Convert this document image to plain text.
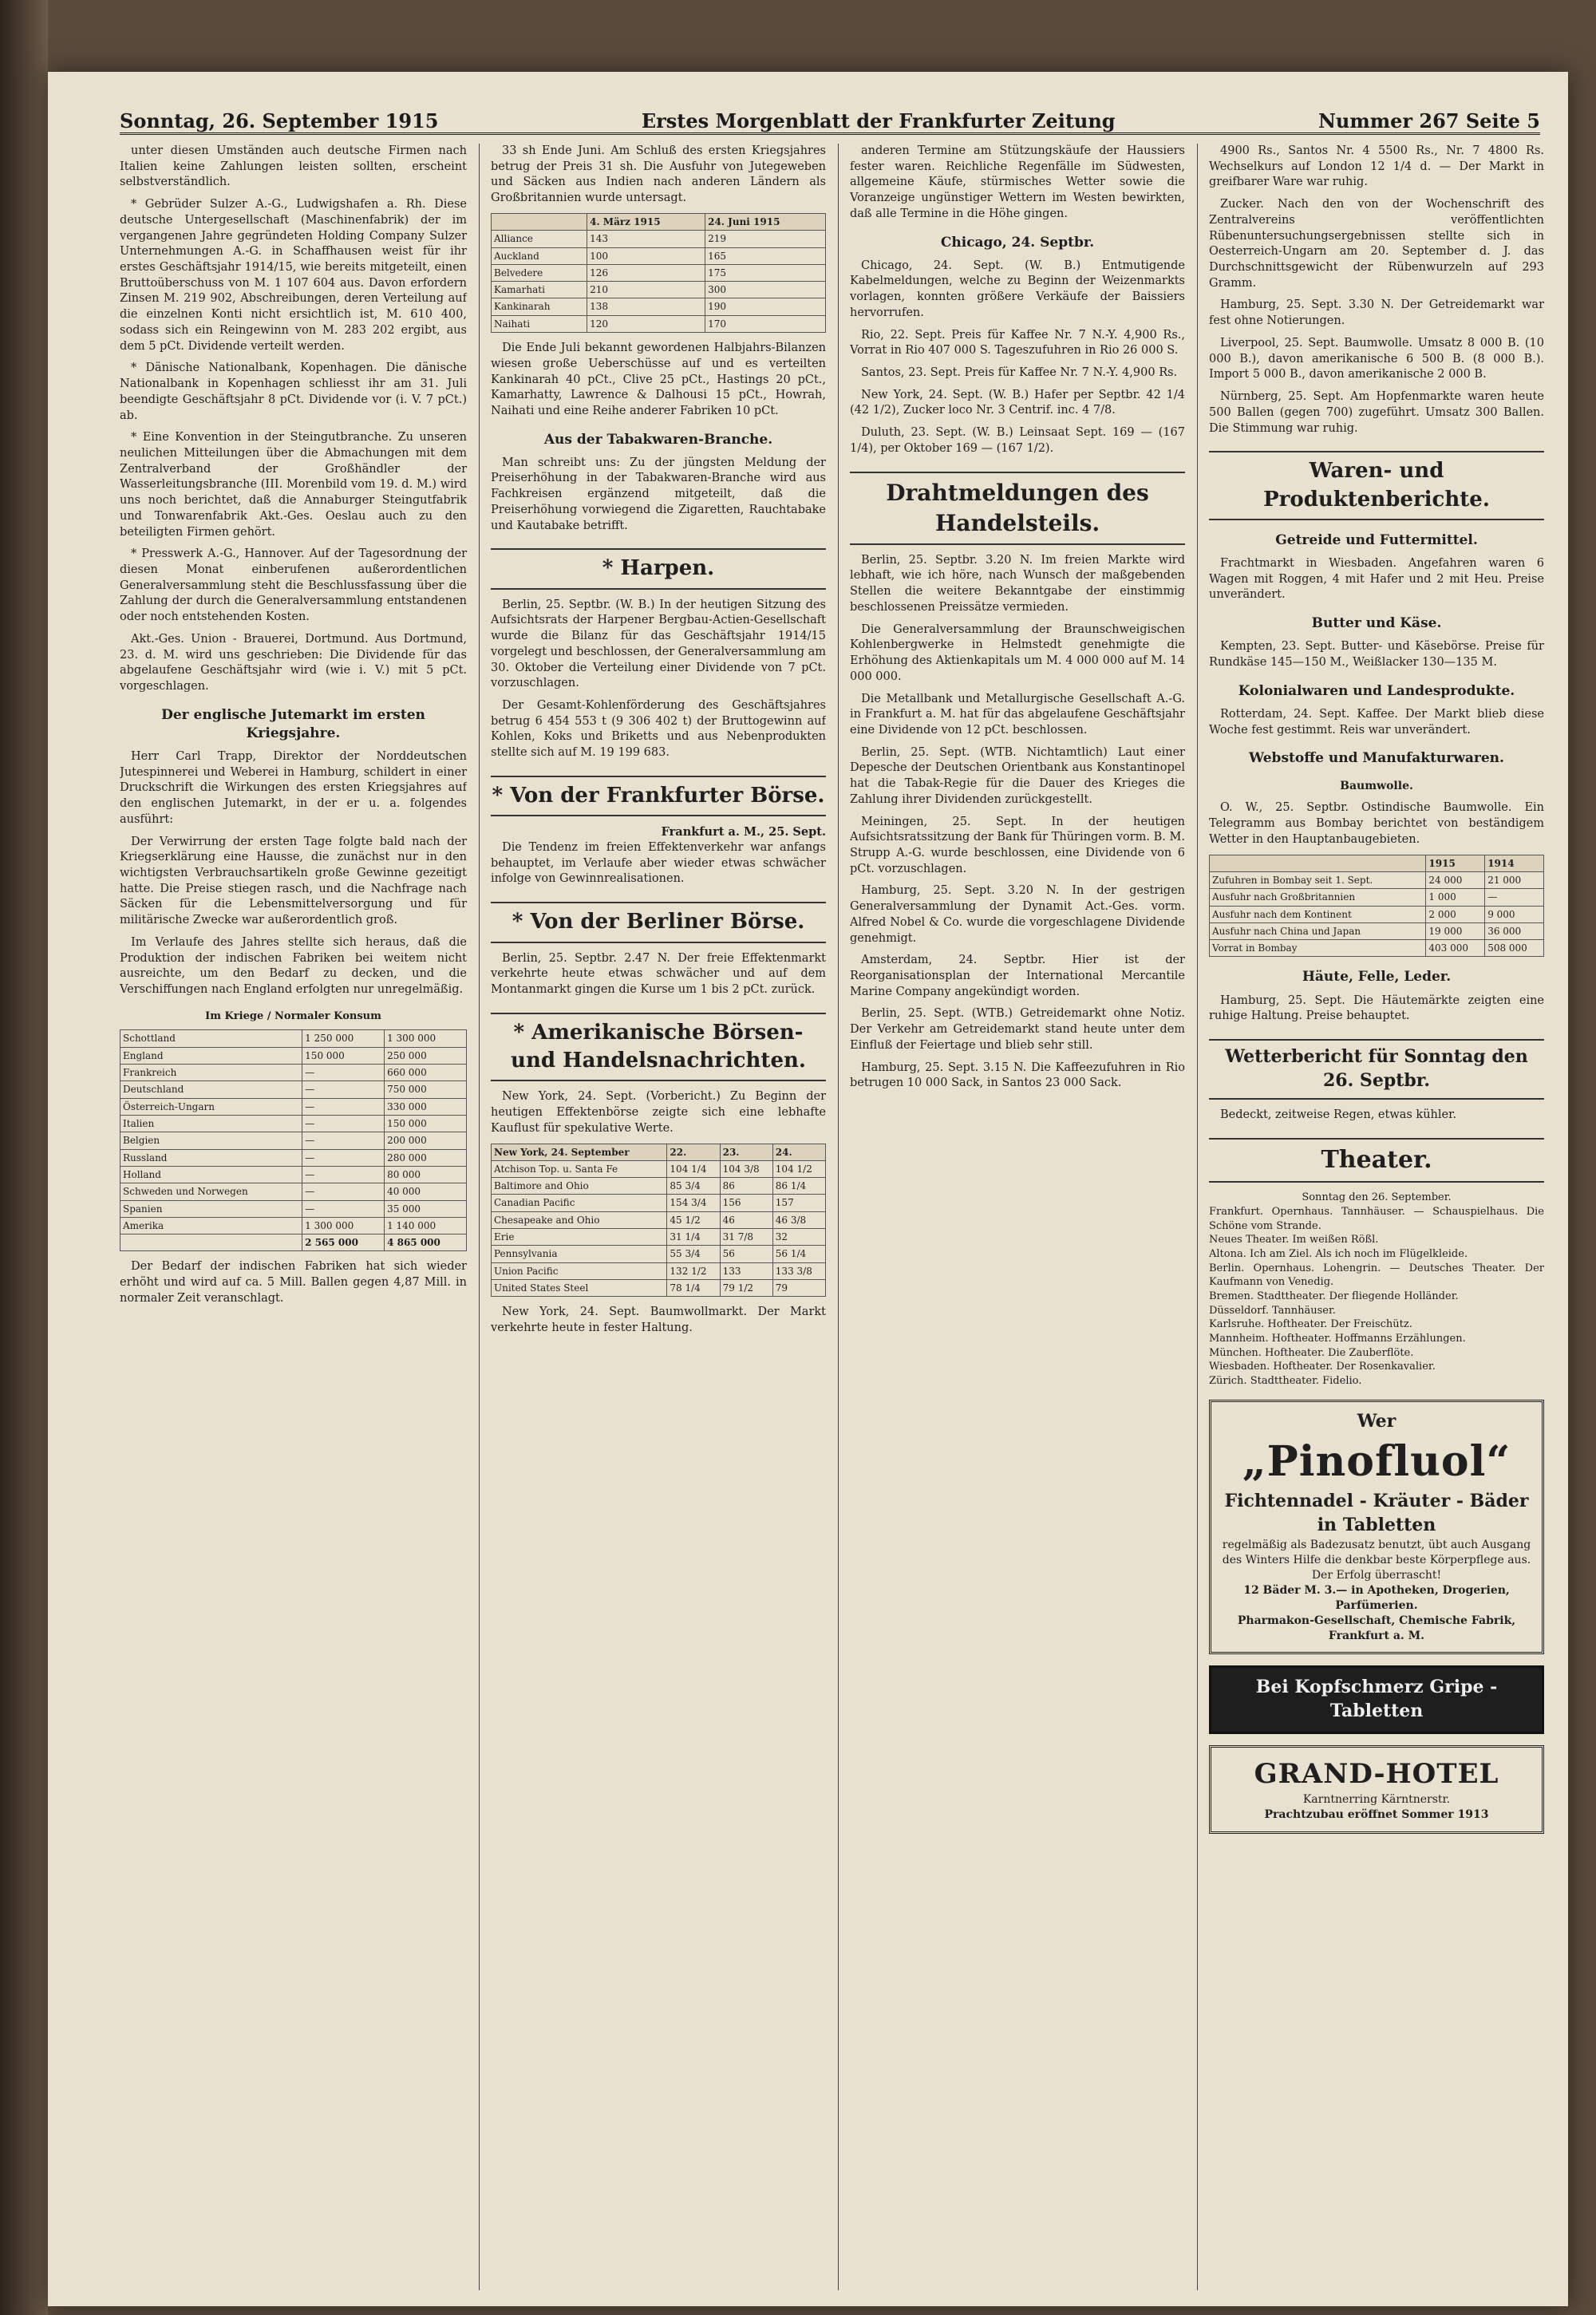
Sonntag, 26. September 1915	Erstes Morgenblatt der Frankfurter Zeitung	Nummer 267 Seite 5

unter diesen Umständen auch deutsche Firmen nach Italien keine Zahlungen leisten sollten, erscheint selbstverständlich.

* Gebrüder Sulzer A.-G., Ludwigshafen a. Rh. Diese deutsche Untergesellschaft (Maschinenfabrik) der im vergangenen Jahre gegründeten Holding Company Sulzer Unternehmungen A.-G. in Schaffhausen weist für ihr erstes Geschäftsjahr 1914/15, wie bereits mitgeteilt, einen Bruttoüberschuss von M. 1 107 604 aus. Davon erfordern Zinsen M. 219 902, Abschreibungen, deren Verteilung auf die einzelnen Konti nicht ersichtlich ist, M. 610 400, sodass sich ein Reingewinn von M. 283 202 ergibt, aus dem 5 pCt. Dividende verteilt werden.

* Dänische Nationalbank, Kopenhagen. Die dänische Nationalbank in Kopenhagen schliesst ihr am 31. Juli beendigte Geschäftsjahr 8 pCt. Dividende vor (i. V. 7 pCt.) ab.

* Eine Konvention in der Steingutbranche. Zu unseren neulichen Mitteilungen über die Abmachungen mit dem Zentralverband der Großhändler der Wasserleitungsbranche (III. Morenbild vom 19. d. M.) wird uns noch berichtet, daß die Annaburger Steingutfabrik und Tonwarenfabrik Akt.-Ges. Oeslau auch zu den beteiligten Firmen gehört.

* Presswerk A.-G., Hannover. Auf der Tagesordnung der diesen Monat einberufenen außerordentlichen Generalversammlung steht die Beschlussfassung über die Zahlung der durch die Generalversammlung entstandenen oder noch entstehenden Kosten.

Akt.-Ges. Union - Brauerei, Dortmund. Aus Dortmund, 23. d. M. wird uns geschrieben: Die Dividende für das abgelaufene Geschäftsjahr wird (wie i. V.) mit 5 pCt. vorgeschlagen.

Der englische Jutemarkt im ersten Kriegsjahre.

Herr Carl Trapp, Direktor der Norddeutschen Jutespinnerei und Weberei in Hamburg, schildert in einer Druckschrift die Wirkungen des ersten Kriegsjahres auf den englischen Jutemarkt, in der er u. a. folgendes ausführt:

Der Verwirrung der ersten Tage folgte bald nach der Kriegserklärung eine Hausse, die zunächst nur in den wichtigsten Verbrauchsartikeln große Gewinne gezeitigt hatte. Die Preise stiegen rasch, und die Nachfrage nach Säcken für die Lebensmittelversorgung und für militärische Zwecke war außerordentlich groß.

Im Verlaufe des Jahres stellte sich heraus, daß die Produktion der indischen Fabriken bei weitem nicht ausreichte, um den Bedarf zu decken, und die Verschiffungen nach England erfolgten nur unregelmäßig.

Im Kriege / Normaler Konsum
Schottland	1 250 000	1 300 000
England	150 000	250 000
Frankreich	—	660 000
Deutschland	—	750 000
Österreich-Ungarn	—	330 000
Italien	—	150 000
Belgien	—	200 000
Russland	—	280 000
Holland	—	80 000
Schweden und Norwegen	—	40 000
Spanien	—	35 000
Amerika	1 300 000	1 140 000
	2 565 000	4 865 000

Der Bedarf der indischen Fabriken hat sich wieder erhöht und wird auf ca. 5 Mill. Ballen gegen 4,87 Mill. in normaler Zeit veranschlagt.

33 sh Ende Juni. Am Schluß des ersten Kriegsjahres betrug der Preis 31 sh. Die Ausfuhr von Jutegeweben und Säcken aus Indien nach anderen Ländern als Großbritannien wurde untersagt.

	4. März 1915	24. Juni 1915
Alliance	143	219
Auckland	100	165
Belvedere	126	175
Kamarhati	210	300
Kankinarah	138	190
Naihati	120	170

Die Ende Juli bekannt gewordenen Halbjahrs-Bilanzen wiesen große Ueberschüsse auf und es verteilten Kankinarah 40 pCt., Clive 25 pCt., Hastings 20 pCt., Kamarhatty, Lawrence & Dalhousi 15 pCt., Howrah, Naihati und eine Reihe anderer Fabriken 10 pCt.

Aus der Tabakwaren-Branche.

Man schreibt uns: Zu der jüngsten Meldung der Preiserhöhung in der Tabakwaren-Branche wird aus Fachkreisen ergänzend mitgeteilt, daß die Preiserhöhung vorwiegend die Zigaretten, Rauchtabake und Kautabake betrifft.

* Harpen.

Berlin, 25. Septbr. (W. B.) In der heutigen Sitzung des Aufsichtsrats der Harpener Bergbau-Actien-Gesellschaft wurde die Bilanz für das Geschäftsjahr 1914/15 vorgelegt und beschlossen, der Generalversammlung am 30. Oktober die Verteilung einer Dividende von 7 pCt. vorzuschlagen.

Der Gesamt-Kohlenförderung des Geschäftsjahres betrug 6 454 553 t (9 306 402 t) der Bruttogewinn auf Kohlen, Koks und Briketts und aus Nebenprodukten stellte sich auf M. 19 199 683.

* Von der Frankfurter Börse.
Frankfurt a. M., 25. Sept.

Die Tendenz im freien Effektenverkehr war anfangs behauptet, im Verlaufe aber wieder etwas schwächer infolge von Gewinnrealisationen.

* Von der Berliner Börse.

Berlin, 25. Septbr. 2.47 N. Der freie Effektenmarkt verkehrte heute etwas schwächer und auf dem Montanmarkt gingen die Kurse um 1 bis 2 pCt. zurück.

* Amerikanische Börsen- und Handelsnachrichten.

New York, 24. Sept. (Vorbericht.) Zu Beginn der heutigen Effektenbörse zeigte sich eine lebhafte Kauflust für spekulative Werte.

New York, 24. September	22.	23.	24.
Atchison Top. u. Santa Fe	104 1/4	104 3/8	104 1/2
Baltimore and Ohio	85 3/4	86	86 1/4
Canadian Pacific	154 3/4	156	157
Chesapeake and Ohio	45 1/2	46	46 3/8
Erie	31 1/4	31 7/8	32
Pennsylvania	55 3/4	56	56 1/4
Union Pacific	132 1/2	133	133 3/8
United States Steel	78 1/4	79 1/2	79

New York, 24. Sept. Baumwollmarkt. Der Markt verkehrte heute in fester Haltung.

anderen Termine am Stützungskäufe der Haussiers fester waren. Reichliche Regenfälle im Südwesten, allgemeine Käufe, stürmisches Wetter sowie die Voranzeige ungünstiger Wettern im Westen bewirkten, daß alle Termine in die Höhe gingen.

Chicago, 24. Septbr.

Chicago, 24. Sept. (W. B.) Entmutigende Kabelmeldungen, welche zu Beginn der Weizenmarkts vorlagen, konnten größere Verkäufe der Baissiers hervorrufen.

Rio, 22. Sept. Preis für Kaffee Nr. 7 N.-Y. 4,900 Rs., Vorrat in Rio 407 000 S. Tageszufuhren in Rio 26 000 S.

Santos, 23. Sept. Preis für Kaffee Nr. 7 N.-Y. 4,900 Rs.

New York, 24. Sept. (W. B.) Hafer per Septbr. 42 1/4 (42 1/2), Zucker loco Nr. 3 Centrif. inc. 4 7/8.

Duluth, 23. Sept. (W. B.) Leinsaat Sept. 169 — (167 1/4), per Oktober 169 — (167 1/2).

Drahtmeldungen des Handelsteils.

Berlin, 25. Septbr. 3.20 N. Im freien Markte wird lebhaft, wie ich höre, nach Wunsch der maßgebenden Stellen die weitere Bekanntgabe der einstimmig beschlossenen Preissätze vermieden.

Die Generalversammlung der Braunschweigischen Kohlenbergwerke in Helmstedt genehmigte die Erhöhung des Aktienkapitals um M. 4 000 000 auf M. 14 000 000.

Die Metallbank und Metallurgische Gesellschaft A.-G. in Frankfurt a. M. hat für das abgelaufene Geschäftsjahr eine Dividende von 12 pCt. beschlossen.

Berlin, 25. Sept. (WTB. Nichtamtlich) Laut einer Depesche der Deutschen Orientbank aus Konstantinopel hat die Tabak-Regie für die Dauer des Krieges die Zahlung ihrer Dividenden zurückgestellt.

Meiningen, 25. Sept. In der heutigen Aufsichtsratssitzung der Bank für Thüringen vorm. B. M. Strupp A.-G. wurde beschlossen, eine Dividende von 6 pCt. vorzuschlagen.

Hamburg, 25. Sept. 3.20 N. In der gestrigen Generalversammlung der Dynamit Act.-Ges. vorm. Alfred Nobel & Co. wurde die vorgeschlagene Dividende genehmigt.

Amsterdam, 24. Septbr. Hier ist der Reorganisationsplan der International Mercantile Marine Company angekündigt worden.

Berlin, 25. Sept. (WTB.) Getreidemarkt ohne Notiz. Der Verkehr am Getreidemarkt stand heute unter dem Einfluß der Feiertage und blieb sehr still.

Hamburg, 25. Sept. 3.15 N. Die Kaffeezufuhren in Rio betrugen 10 000 Sack, in Santos 23 000 Sack.

4900 Rs., Santos Nr. 4 5500 Rs., Nr. 7 4800 Rs. Wechselkurs auf London 12 1/4 d. — Der Markt in greifbarer Ware war ruhig.

Zucker. Nach den von der Wochenschrift des Zentralvereins veröffentlichten Rübenuntersuchungsergebnissen stellte sich in Oesterreich-Ungarn am 20. September d. J. das Durchschnittsgewicht der Rübenwurzeln auf 293 Gramm.

Hamburg, 25. Sept. 3.30 N. Der Getreidemarkt war fest ohne Notierungen.

Liverpool, 25. Sept. Baumwolle. Umsatz 8 000 B. (10 000 B.), davon amerikanische 6 500 B. (8 000 B.). Import 5 000 B., davon amerikanische 2 000 B.

Nürnberg, 25. Sept. Am Hopfenmarkte waren heute 500 Ballen (gegen 700) zugeführt. Umsatz 300 Ballen. Die Stimmung war ruhig.

Waren- und Produktenberichte.
Getreide und Futtermittel.

Frachtmarkt in Wiesbaden. Angefahren waren 6 Wagen mit Roggen, 4 mit Hafer und 2 mit Heu. Preise unverändert.

Butter und Käse.

Kempten, 23. Sept. Butter- und Käsebörse. Preise für Rundkäse 145—150 M., Weißlacker 130—135 M.

Kolonialwaren und Landesprodukte.

Rotterdam, 24. Sept. Kaffee. Der Markt blieb diese Woche fest gestimmt. Reis war unverändert.

Webstoffe und Manufakturwaren.
Baumwolle.

O. W., 25. Septbr. Ostindische Baumwolle. Ein Telegramm aus Bombay berichtet von beständigem Wetter in den Hauptanbaugebieten.

	1915	1914
Zufuhren in Bombay seit 1. Sept.	24 000	21 000
Ausfuhr nach Großbritannien	1 000	—
Ausfuhr nach dem Kontinent	2 000	9 000
Ausfuhr nach China und Japan	19 000	36 000
Vorrat in Bombay	403 000	508 000
Häute, Felle, Leder.

Hamburg, 25. Sept. Die Häutemärkte zeigten eine ruhige Haltung. Preise behauptet.

Wetterbericht für Sonntag den 26. Septbr.

Bedeckt, zeitweise Regen, etwas kühler.

Theater.
Sonntag den 26. September.
Frankfurt. Opernhaus. Tannhäuser. — Schauspielhaus. Die Schöne vom Strande.
Neues Theater. Im weißen Rößl.
Altona. Ich am Ziel. Als ich noch im Flügelkleide.
Berlin. Opernhaus. Lohengrin. — Deutsches Theater. Der Kaufmann von Venedig.
Bremen. Stadttheater. Der fliegende Holländer.
Düsseldorf. Tannhäuser.
Karlsruhe. Hoftheater. Der Freischütz.
Mannheim. Hoftheater. Hoffmanns Erzählungen.
München. Hoftheater. Die Zauberflöte.
Wiesbaden. Hoftheater. Der Rosenkavalier.
Zürich. Stadttheater. Fidelio.
Wer
„Pinofluol“
Fichtennadel - Kräuter - Bäder in Tabletten
regelmäßig als Badezusatz benutzt, übt auch Ausgang des Winters Hilfe die denkbar beste Körperpflege aus. Der Erfolg überrascht!
12 Bäder M. 3.— in Apotheken, Drogerien, Parfümerien.
Pharmakon-Gesellschaft, Chemische Fabrik, Frankfurt a. M.
Bei Kopfschmerz Gripe - Tabletten
GRAND-HOTEL
Karntnerring Kärntnerstr.
Prachtzubau eröffnet Sommer 1913
